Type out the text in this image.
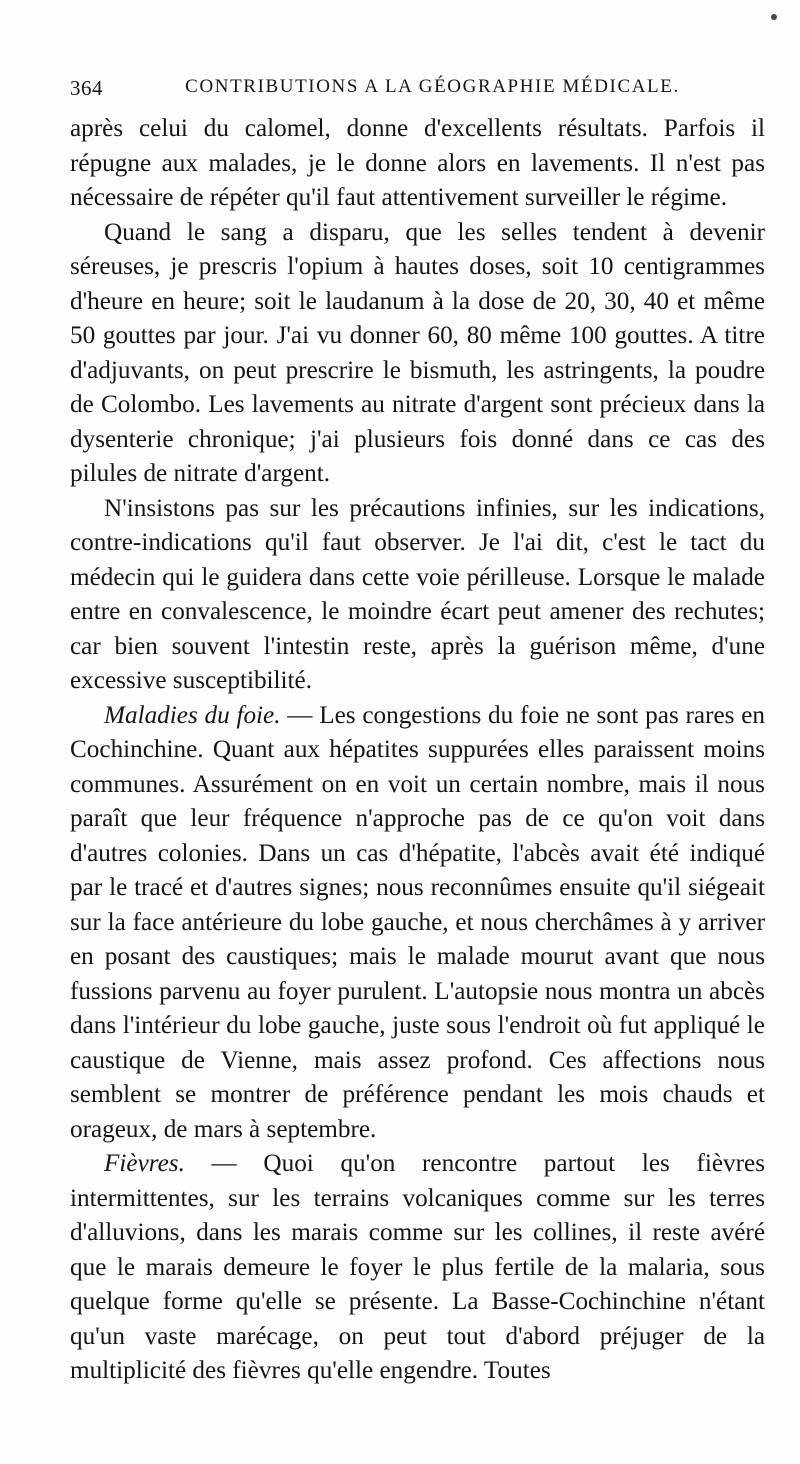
364	CONTRIBUTIONS A LA GÉOGRAPHIE MÉDICALE.

après celui du calomel, donne d'excellents résultats. Parfois il répugne aux malades, je le donne alors en lavements. Il n'est pas nécessaire de répéter qu'il faut attentivement surveiller le régime.

Quand le sang a disparu, que les selles tendent à devenir séreuses, je prescris l'opium à hautes doses, soit 10 centigrammes d'heure en heure; soit le laudanum à la dose de 20, 30, 40 et même 50 gouttes par jour. J'ai vu donner 60, 80 même 100 gouttes. A titre d'adjuvants, on peut prescrire le bismuth, les astringents, la poudre de Colombo. Les lavements au nitrate d'argent sont précieux dans la dysenterie chronique; j'ai plusieurs fois donné dans ce cas des pilules de nitrate d'argent.

N'insistons pas sur les précautions infinies, sur les indications, contre-indications qu'il faut observer. Je l'ai dit, c'est le tact du médecin qui le guidera dans cette voie périlleuse. Lorsque le malade entre en convalescence, le moindre écart peut amener des rechutes; car bien souvent l'intestin reste, après la guérison même, d'une excessive susceptibilité.

Maladies du foie. — Les congestions du foie ne sont pas rares en Cochinchine. Quant aux hépatites suppurées elles paraissent moins communes. Assurément on en voit un certain nombre, mais il nous paraît que leur fréquence n'approche pas de ce qu'on voit dans d'autres colonies. Dans un cas d'hépatite, l'abcès avait été indiqué par le tracé et d'autres signes; nous reconnûmes ensuite qu'il siégeait sur la face antérieure du lobe gauche, et nous cherchâmes à y arriver en posant des caustiques; mais le malade mourut avant que nous fussions parvenu au foyer purulent. L'autopsie nous montra un abcès dans l'intérieur du lobe gauche, juste sous l'endroit où fut appliqué le caustique de Vienne, mais assez profond. Ces affections nous semblent se montrer de préférence pendant les mois chauds et orageux, de mars à septembre.

Fièvres. — Quoi qu'on rencontre partout les fièvres intermittentes, sur les terrains volcaniques comme sur les terres d'alluvions, dans les marais comme sur les collines, il reste avéré que le marais demeure le foyer le plus fertile de la malaria, sous quelque forme qu'elle se présente. La Basse-Cochinchine n'étant qu'un vaste marécage, on peut tout d'abord préjuger de la multiplicité des fièvres qu'elle engendre. Toutes
